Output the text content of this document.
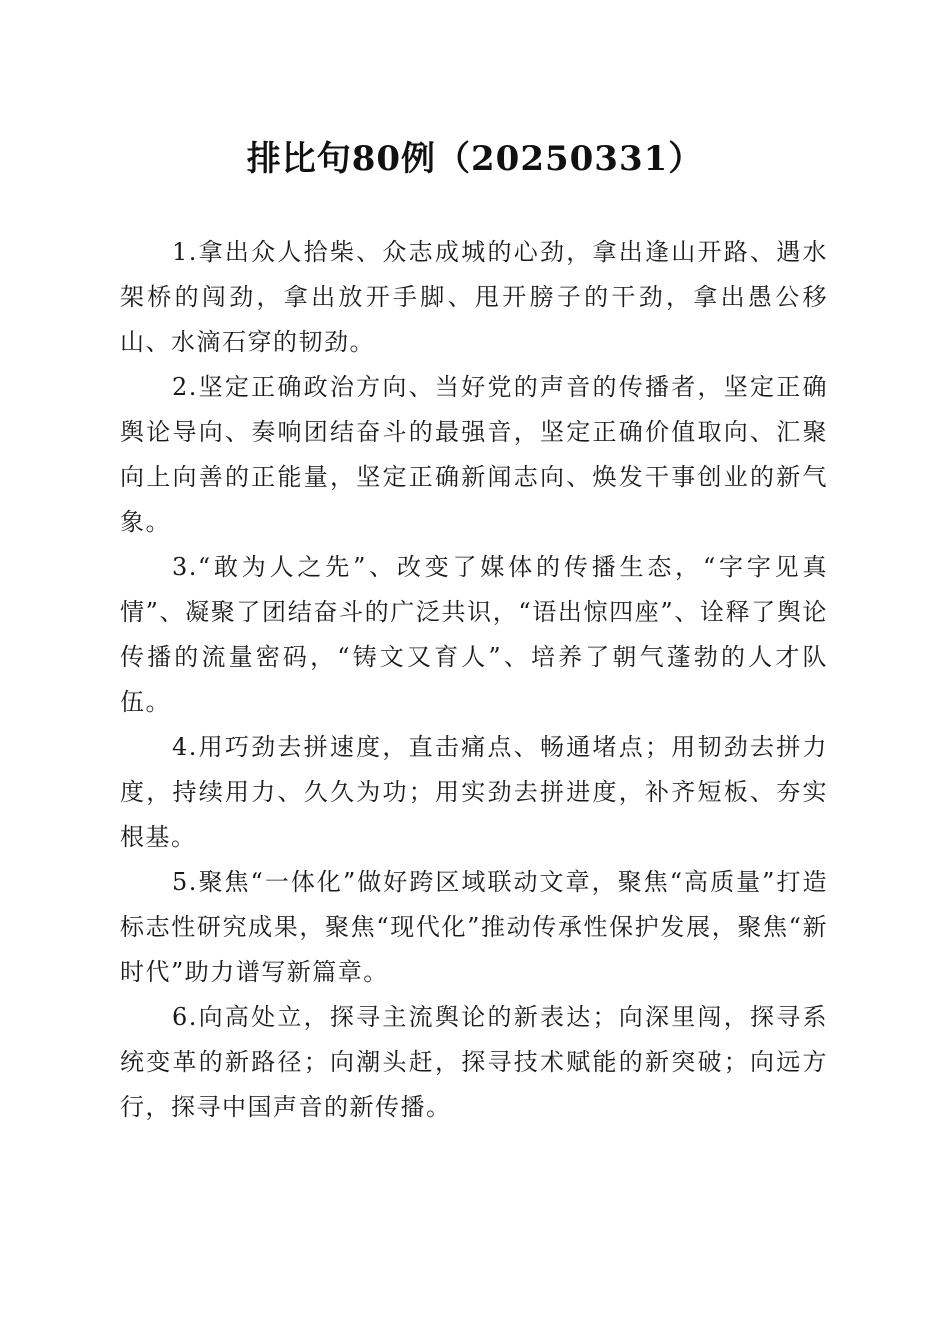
排比句80例（20250331）

1.拿出众人拾柴、众志成城的心劲，拿出逢山开路、遇水架桥的闯劲，拿出放开手脚、甩开膀子的干劲，拿出愚公移山、水滴石穿的韧劲。

2.坚定正确政治方向、当好党的声音的传播者，坚定正确舆论导向、奏响团结奋斗的最强音，坚定正确价值取向、汇聚向上向善的正能量，坚定正确新闻志向、焕发干事创业的新气象。

3.“敢为人之先”、改变了媒体的传播生态，“字字见真情”、凝聚了团结奋斗的广泛共识，“语出惊四座”、诠释了舆论传播的流量密码，“铸文又育人”、培养了朝气蓬勃的人才队伍。

4.用巧劲去拼速度，直击痛点、畅通堵点；用韧劲去拼力度，持续用力、久久为功；用实劲去拼进度，补齐短板、夯实根基。

5.聚焦“一体化”做好跨区域联动文章，聚焦“高质量”打造标志性研究成果，聚焦“现代化”推动传承性保护发展，聚焦“新时代”助力谱写新篇章。

6.向高处立，探寻主流舆论的新表达；向深里闯，探寻系统变革的新路径；向潮头赶，探寻技术赋能的新突破；向远方行，探寻中国声音的新传播。
